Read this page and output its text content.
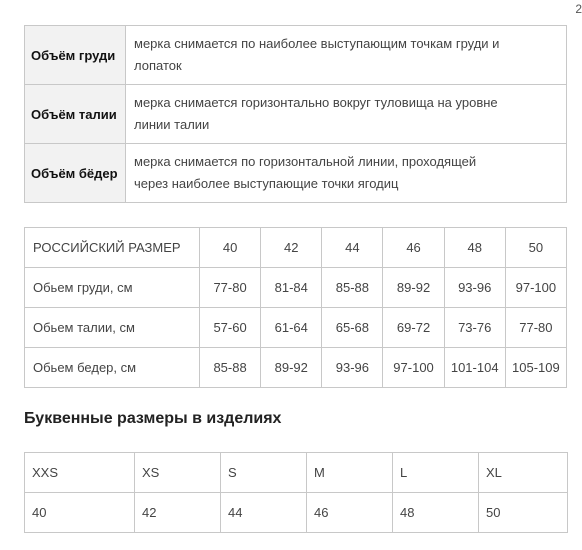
2
Объём груди	мерка снимается по наиболее выступающим точкам груди и
лопаток
Объём талии	мерка снимается горизонтально вокруг туловища на уровне
линии талии
Объём бёдер	мерка снимается по горизонтальной линии, проходящей
через наиболее выступающие точки ягодиц
РОССИЙСКИЙ РАЗМЕР	40	42	44	46	48	50
Обьем груди, см	77-80	81-84	85-88	89-92	93-96	97-100
Обьем талии, см	57-60	61-64	65-68	69-72	73-76	77-80
Обьем бедер, см	85-88	89-92	93-96	97-100	101-104	105-109
Буквенные размеры в изделиях
XXS	XS	S	M	L	XL
40	42	44	46	48	50
